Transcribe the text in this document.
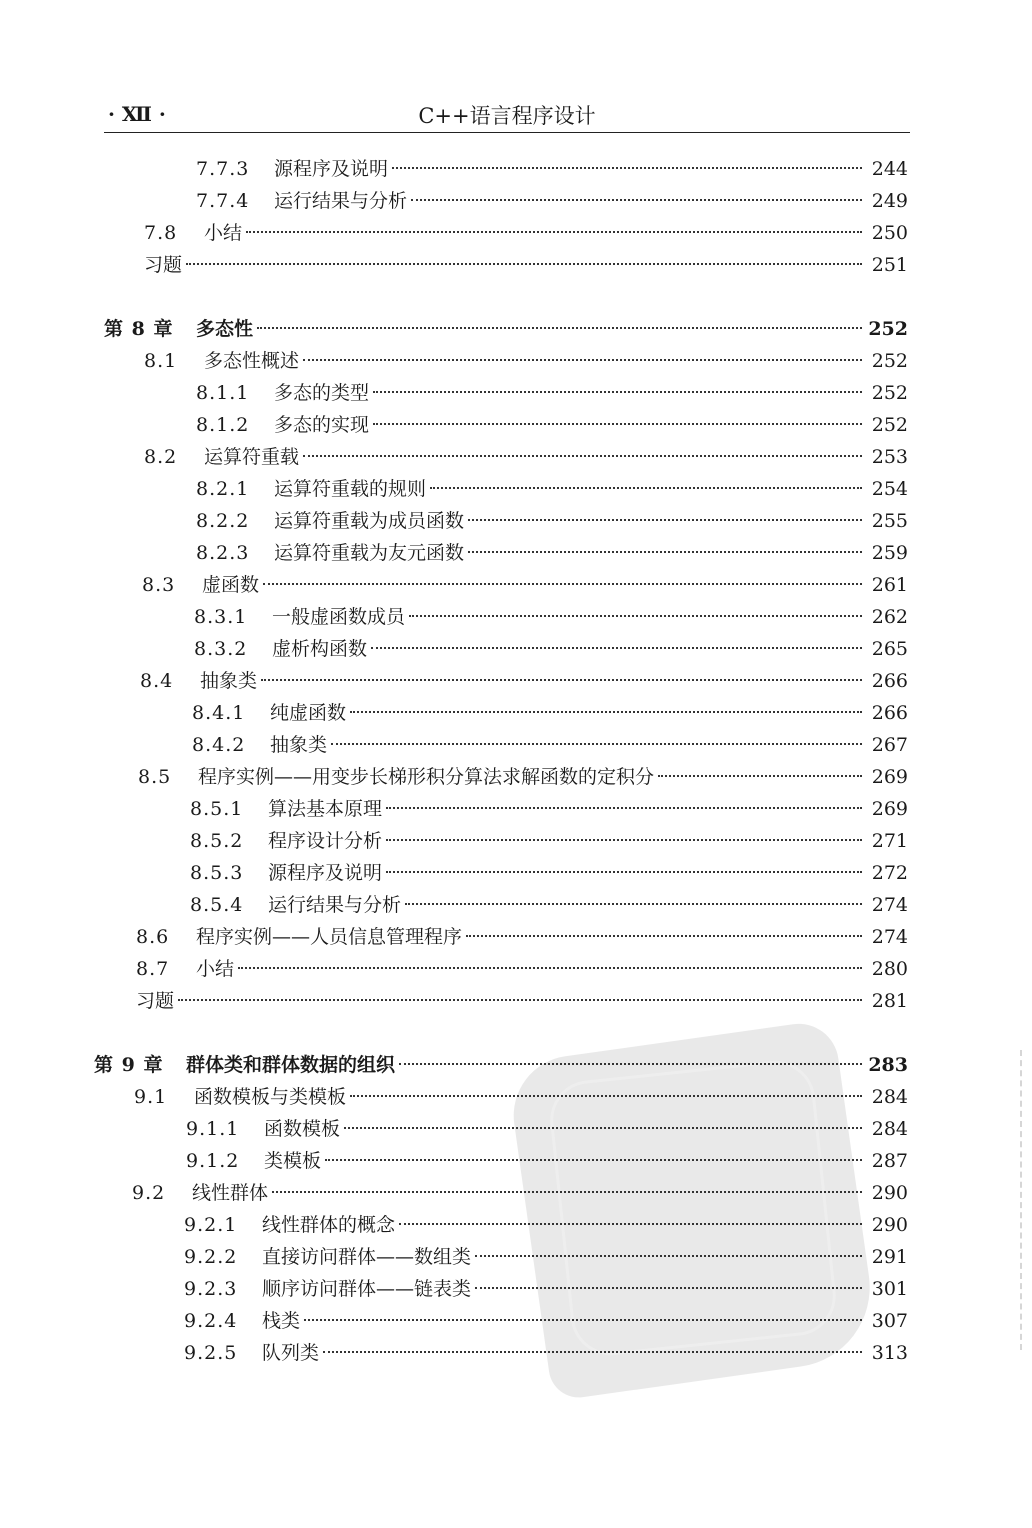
· Ⅻ ·	C++语言程序设计
7.7.3	源程序及说明	244
7.7.4	运行结果与分析	249
7.8	小结	250
习题	251
第 8 章	多态性	252
8.1	多态性概述	252
8.1.1	多态的类型	252
8.1.2	多态的实现	252
8.2	运算符重载	253
8.2.1	运算符重载的规则	254
8.2.2	运算符重载为成员函数	255
8.2.3	运算符重载为友元函数	259
8.3	虚函数	261
8.3.1	一般虚函数成员	262
8.3.2	虚析构函数	265
8.4	抽象类	266
8.4.1	纯虚函数	266
8.4.2	抽象类	267
8.5	程序实例——用变步长梯形积分算法求解函数的定积分	269
8.5.1	算法基本原理	269
8.5.2	程序设计分析	271
8.5.3	源程序及说明	272
8.5.4	运行结果与分析	274
8.6	程序实例——人员信息管理程序	274
8.7	小结	280
习题	281
第 9 章	群体类和群体数据的组织	283
9.1	函数模板与类模板	284
9.1.1	函数模板	284
9.1.2	类模板	287
9.2	线性群体	290
9.2.1	线性群体的概念	290
9.2.2	直接访问群体——数组类	291
9.2.3	顺序访问群体——链表类	301
9.2.4	栈类	307
9.2.5	队列类	313
